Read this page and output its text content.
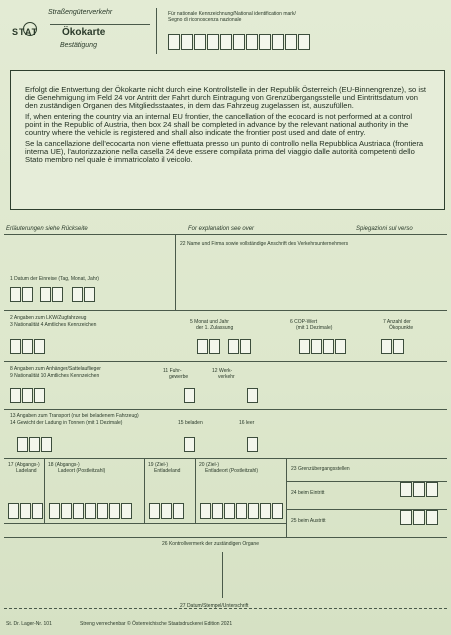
Straßengüterverkehr
STAT Ökokarte
Bestätigung
Für nationale Kennzeichnung/National identification mark/
Segno di riconoscenza nazionale

Erfolgt die Entwertung der Ökokarte nicht durch eine Kontrollstelle in der Republik Österreich (EU-Binnengrenze), so ist die Genehmigung im Feld 24 vor Antritt der Fahrt durch Eintragung von Grenzübergangsstelle und Eintrittsdatum von den zuständigen Organen des Mitgliedsstaates, in dem das Fahrzeug zugelassen ist, auszufüllen.

If, when entering the country via an internal EU frontier, the cancellation of the ecocard is not performed at a control point in the Republic of Austria, then box 24 shall be completed in advance by the relevant national authority in the country where the vehicle is registered and shall also indicate the frontier post used and date of entry.

Se la cancellazione dell'ecocarta non viene effettuata presso un punto di controllo nella Repubblica Austriaca (frontiera interna UE), l'autorizzazione nella casella 24 deve essere compilata prima del viaggio dalle autorità competenti dello Stato membro nel quale è immatricolato il veicolo.

Erläuterungen siehe Rückseite	For explanation see over	Spiegazioni sul verso
22 Name und Firma sowie vollständige Anschrift des Verkehrsunternehmers
1 Datum der Einreise (Tag, Monat, Jahr)
2 Angaben zum LKW/Zugfahrzeug
3 Nationalität 4 Amtliches Kennzeichen	5 Monat und Jahr
der 1. Zulassung
6 COP-Wert
(mit 1 Dezimale)
7 Anzahl der
Ökopunkte
8 Angaben zum Anhänger/Sattelauflieger
9 Nationalität 10 Amtliches Kennzeichen
11 Fuhr-
gewerbe
12 Werk-
verkehr
13 Angaben zum Transport (nur bei beladenem Fahrzeug)
14 Gewicht der Ladung in Tonnen (mit 1 Dezimale)	15 beladen	16 leer
17 (Abgangs-)
Ladeland
18 (Abgangs-)
Ladeort (Postleitzahl)
19 (Ziel-)
Entladeland
20 (Ziel-)
Entladeort (Postleitzahl)	23 Grenzübergangsstellen
24 beim Eintritt
25 beim Austritt
26 Kontrollvermerk der zuständigen Organe
27 Datum/Stempel/Unterschrift
St. Dr. Lager-Nr. 101	Streng verrechenbar © Österreichische Staatsdruckerei Edition 2021
